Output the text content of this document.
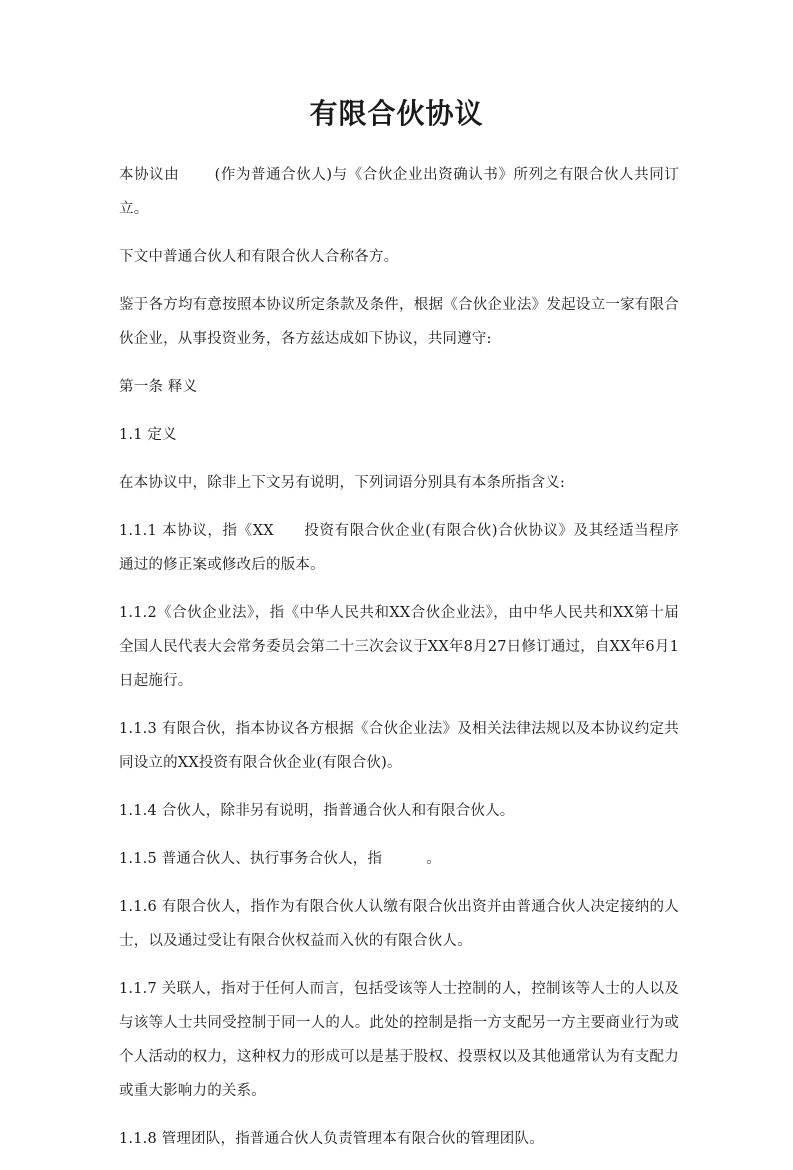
有限合伙协议

本协议由　　 (作为普通合伙人)与《合伙企业出资确认书》所列之有限合伙人共同订立。

下文中普通合伙人和有限合伙人合称各方。

鉴于各方均有意按照本协议所定条款及条件，根据《合伙企业法》发起设立一家有限合伙企业，从事投资业务，各方兹达成如下协议，共同遵守:

第一条 释义

1.1 定义

在本协议中，除非上下文另有说明，下列词语分别具有本条所指含义:

1.1.1 本协议，指《XX　　投资有限合伙企业(有限合伙)合伙协议》及其经适当程序通过的修正案或修改后的版本。

1.1.2《合伙企业法》，指《中华人民共和XX合伙企业法》，由中华人民共和XX第十届全国人民代表大会常务委员会第二十三次会议于XX年8月27日修订通过，自XX年6月1日起施行。

1.1.3 有限合伙，指本协议各方根据《合伙企业法》及相关法律法规以及本协议约定共同设立的XX投资有限合伙企业(有限合伙)。

1.1.4 合伙人，除非另有说明，指普通合伙人和有限合伙人。

1.1.5 普通合伙人、执行事务合伙人，指　　　。

1.1.6 有限合伙人，指作为有限合伙人认缴有限合伙出资并由普通合伙人决定接纳的人士，以及通过受让有限合伙权益而入伙的有限合伙人。

1.1.7 关联人，指对于任何人而言，包括受该等人士控制的人，控制该等人士的人以及与该等人士共同受控制于同一人的人。此处的控制是指一方支配另一方主要商业行为或个人活动的权力，这种权力的形成可以是基于股权、投票权以及其他通常认为有支配力或重大影响力的关系。

1.1.8 管理团队，指普通合伙人负责管理本有限合伙的管理团队。
